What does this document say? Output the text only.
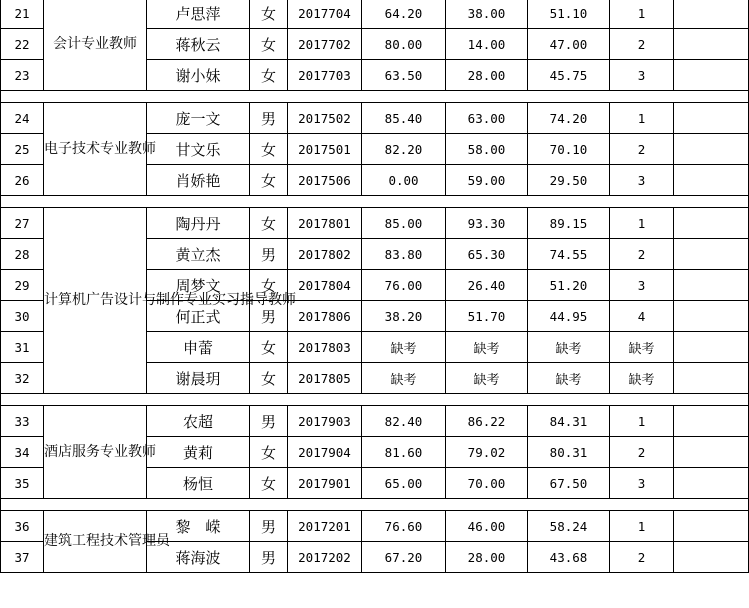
21	会计专业教师	卢思萍	女	2017704	64.20	38.00	51.10	1	
22		蒋秋云	女	2017702	80.00	14.00	47.00	2	
23		谢小妹	女	2017703	63.50	28.00	45.75	3	

24	电子技术专业教师	庞一文	男	2017502	85.40	63.00	74.20	1	
25		甘文乐	女	2017501	82.20	58.00	70.10	2	
26		肖娇艳	女	2017506	0.00	59.00	29.50	3	

27	计算机广告设计与制作专业实习指导教师	陶丹丹	女	2017801	85.00	93.30	89.15	1	
28		黄立杰	男	2017802	83.80	65.30	74.55	2	
29		周梦文	女	2017804	76.00	26.40	51.20	3	
30		何正式	男	2017806	38.20	51.70	44.95	4	
31		申蕾	女	2017803	缺考	缺考	缺考	缺考	
32		谢晨玥	女	2017805	缺考	缺考	缺考	缺考	

33	酒店服务专业教师	农超	男	2017903	82.40	86.22	84.31	1	
34		黄莉	女	2017904	81.60	79.02	80.31	2	
35		杨恒	女	2017901	65.00	70.00	67.50	3	

36	建筑工程技术管理员	黎　嵘	男	2017201	76.60	46.00	58.24	1	
37		蒋海波	男	2017202	67.20	28.00	43.68	2	
